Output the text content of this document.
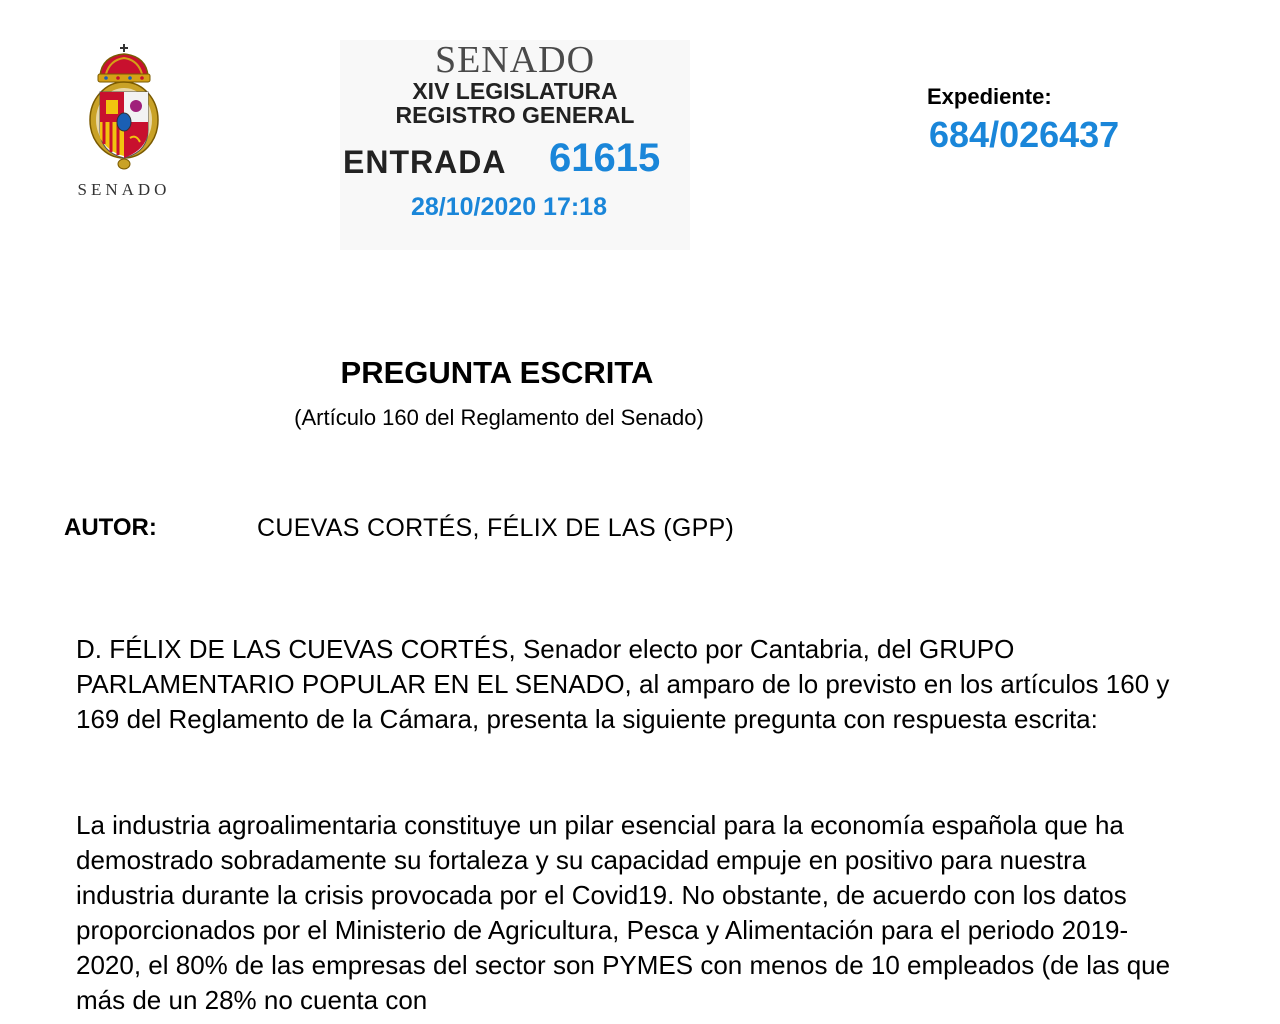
SENADO
SENADO
XIV LEGISLATURA
REGISTRO GENERAL
ENTRADA 61615
28/10/2020 17:18
Expediente:
684/026437
PREGUNTA ESCRITA
(Artículo 160 del Reglamento del Senado)
AUTOR:	CUEVAS CORTÉS, FÉLIX DE LAS (GPP)

D. FÉLIX DE LAS CUEVAS CORTÉS, Senador electo por Cantabria, del GRUPO PARLAMENTARIO POPULAR EN EL SENADO, al amparo de lo previsto en los artículos 160 y 169 del Reglamento de la Cámara, presenta la siguiente pregunta con respuesta escrita:

La industria agroalimentaria constituye un pilar esencial para la economía española que ha demostrado sobradamente su fortaleza y su capacidad empuje en positivo para nuestra industria durante la crisis provocada por el Covid19. No obstante, de acuerdo con los datos proporcionados por el Ministerio de Agricultura, Pesca y Alimentación para el periodo 2019- 2020, el 80% de las empresas del sector son PYMES con menos de 10 empleados (de las que más de un 28% no cuenta con
